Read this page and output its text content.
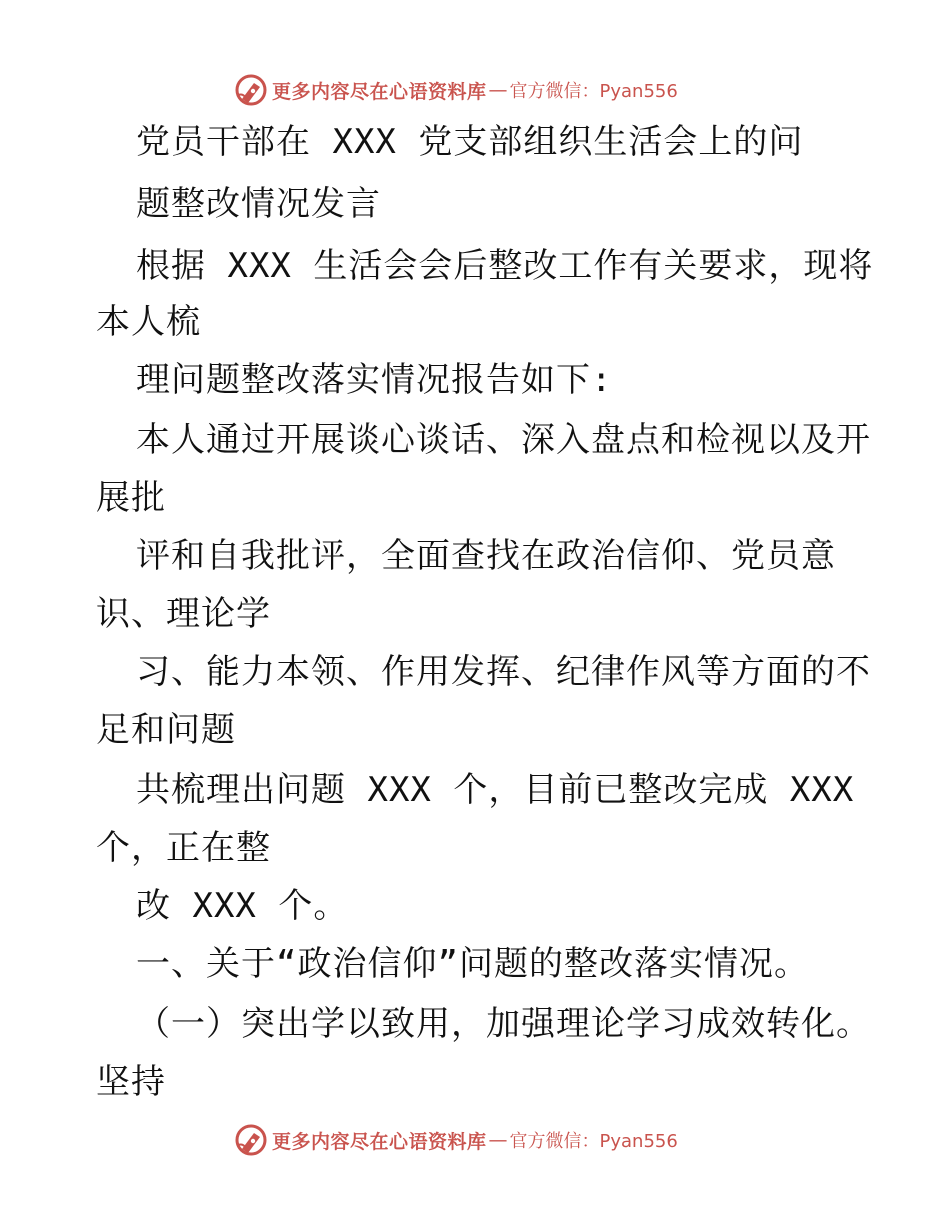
更多内容尽在心语资料库 — 官方微信：Pyan556
党员干部在 XXX 党支部组织生活会上的问
题整改情况发言
根据 XXX 生活会会后整改工作有关要求，现将
本人梳
理问题整改落实情况报告如下:
本人通过开展谈心谈话、深入盘点和检视以及开
展批
评和自我批评，全面查找在政治信仰、党员意
识、理论学
习、能力本领、作用发挥、纪律作风等方面的不
足和问题
共梳理出问题 XXX 个，目前已整改完成 XXX
个，正在整
改 XXX 个。
一、关于“政治信仰”问题的整改落实情况。
（一）突出学以致用，加强理论学习成效转化。
坚持
更多内容尽在心语资料库 — 官方微信：Pyan556
